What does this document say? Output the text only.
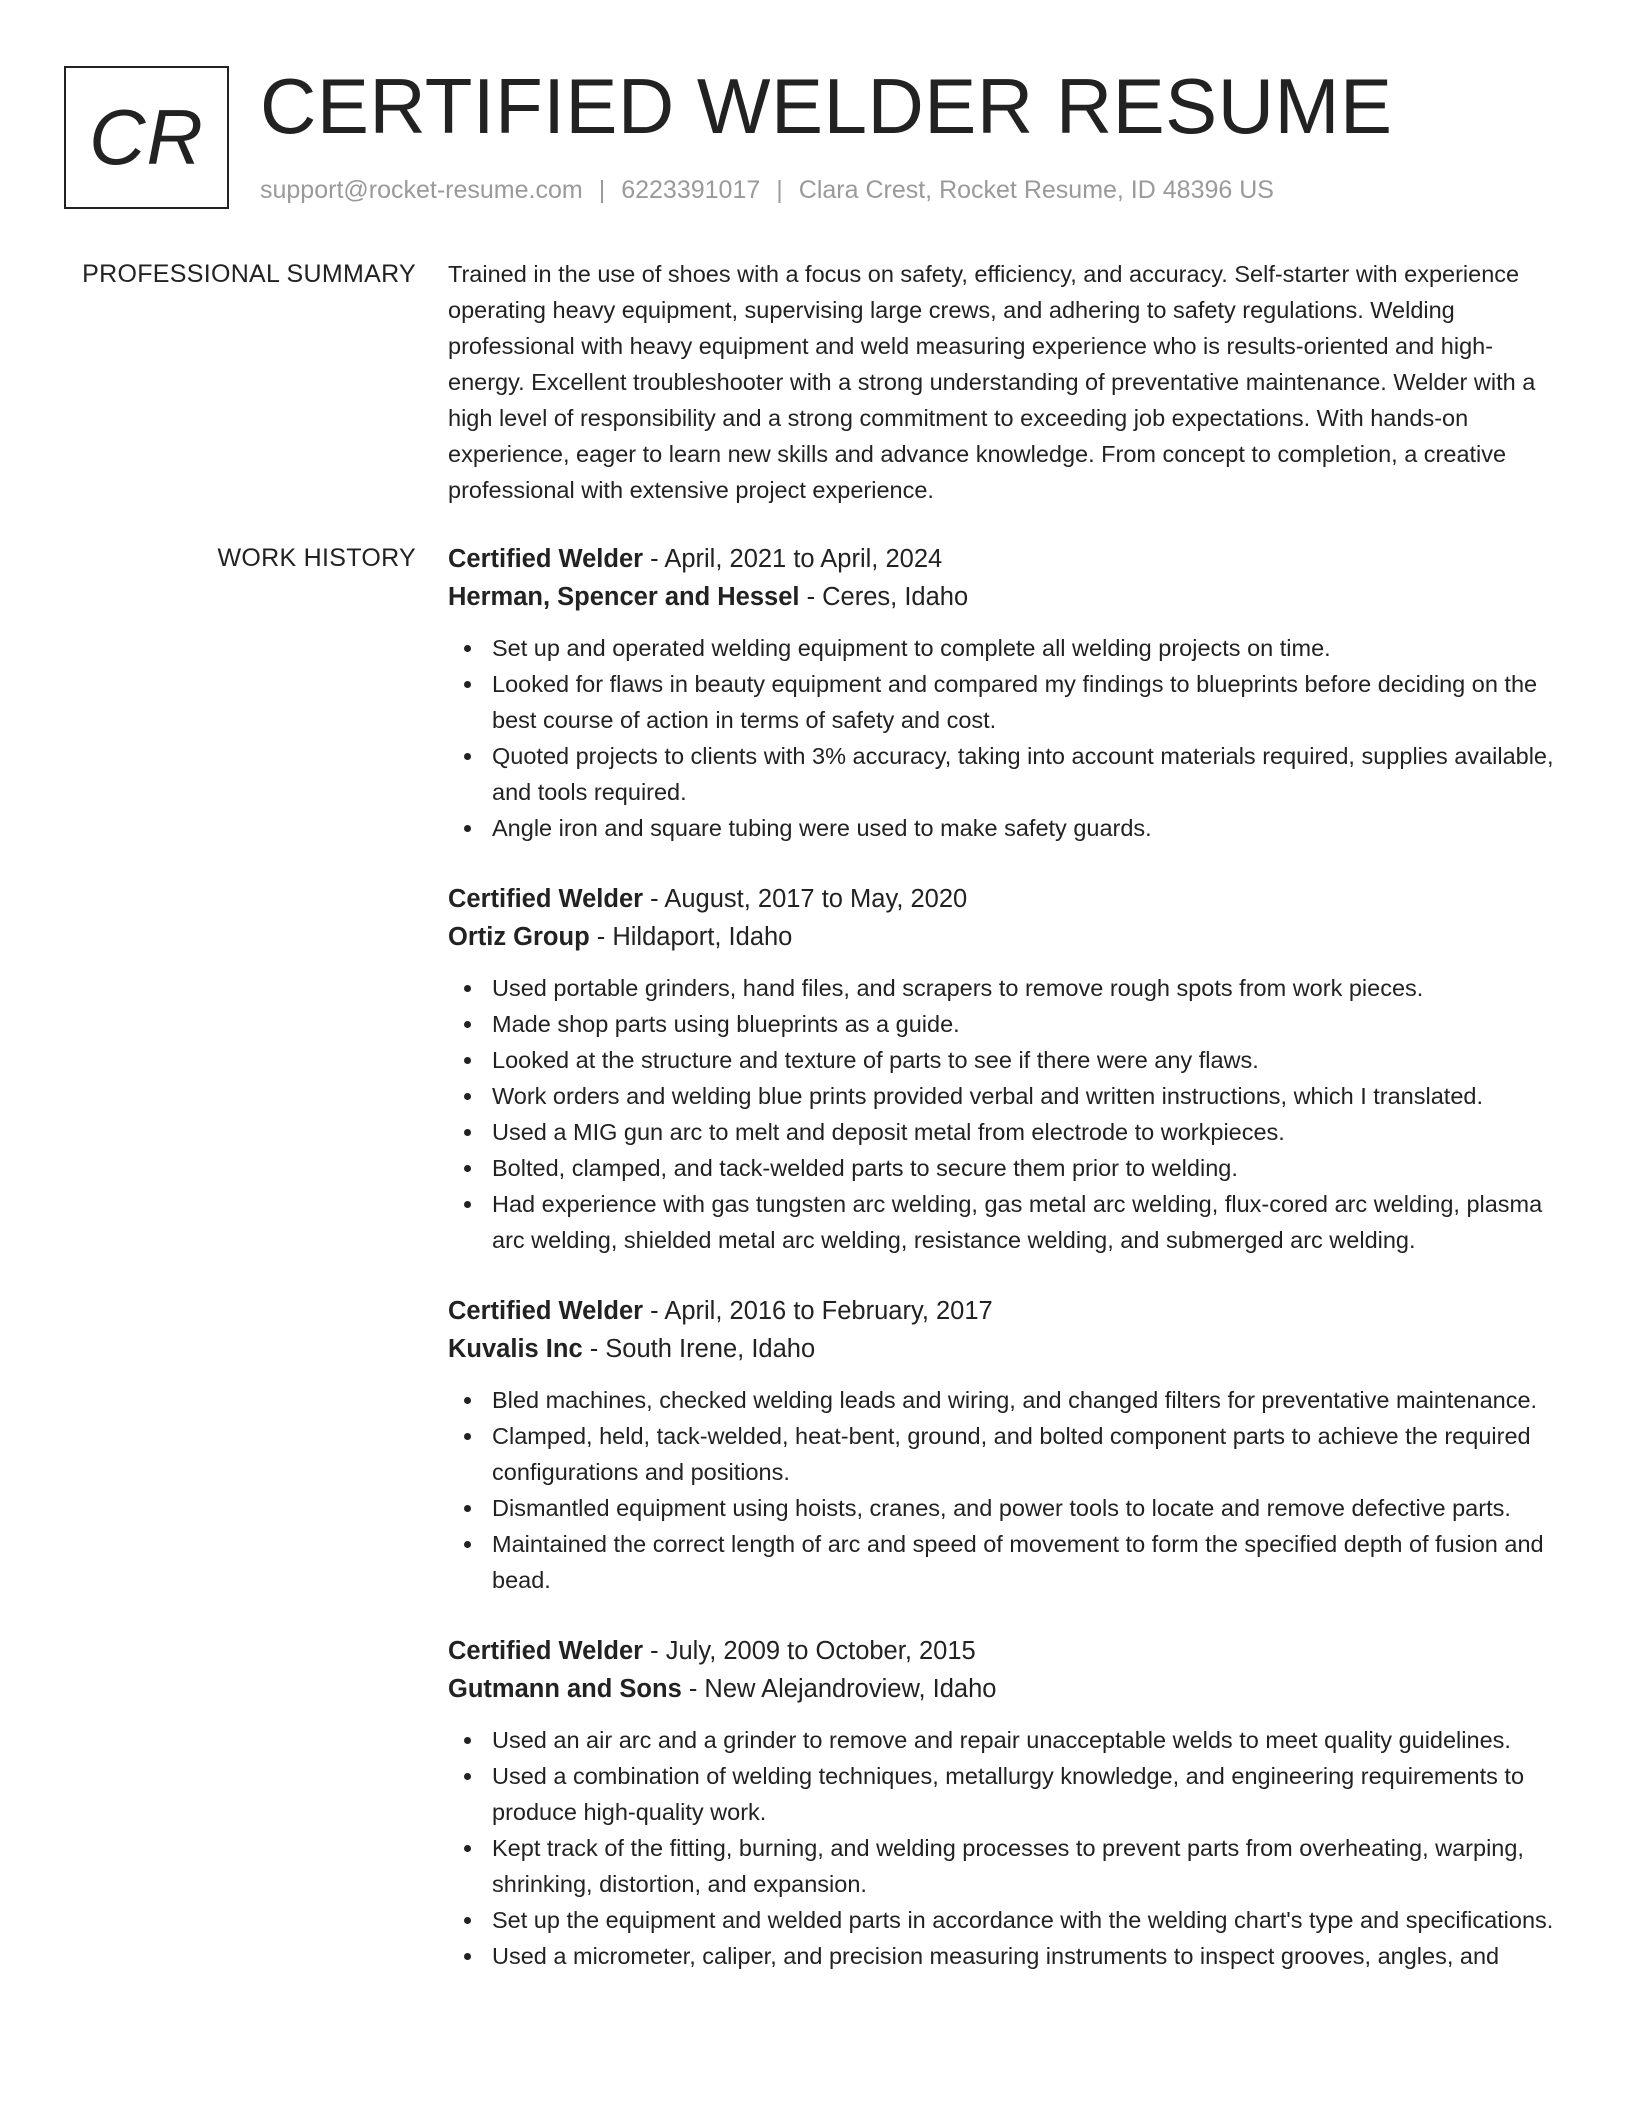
CR CERTIFIED WELDER RESUME
support@rocket-resume.com | 6223391017 | Clara Crest, Rocket Resume, ID 48396 US
PROFESSIONAL SUMMARY Trained in the use of shoes with a focus on safety, efficiency, and accuracy. Self-starter with experience operating heavy equipment, supervising large crews, and adhering to safety regulations. Welding professional with heavy equipment and weld measuring experience who is results-oriented and high-energy. Excellent troubleshooter with a strong understanding of preventative maintenance. Welder with a high level of responsibility and a strong commitment to exceeding job expectations. With hands-on experience, eager to learn new skills and advance knowledge. From concept to completion, a creative professional with extensive project experience.
WORK HISTORY Certified Welder - April, 2021 to April, 2024
Herman, Spencer and Hessel - Ceres, Idaho
Set up and operated welding equipment to complete all welding projects on time.
Looked for flaws in beauty equipment and compared my findings to blueprints before deciding on the best course of action in terms of safety and cost.
Quoted projects to clients with 3% accuracy, taking into account materials required, supplies available, and tools required.
Angle iron and square tubing were used to make safety guards.
Certified Welder - August, 2017 to May, 2020
Ortiz Group - Hildaport, Idaho
Used portable grinders, hand files, and scrapers to remove rough spots from work pieces.
Made shop parts using blueprints as a guide.
Looked at the structure and texture of parts to see if there were any flaws.
Work orders and welding blue prints provided verbal and written instructions, which I translated.
Used a MIG gun arc to melt and deposit metal from electrode to workpieces.
Bolted, clamped, and tack-welded parts to secure them prior to welding.
Had experience with gas tungsten arc welding, gas metal arc welding, flux-cored arc welding, plasma arc welding, shielded metal arc welding, resistance welding, and submerged arc welding.
Certified Welder - April, 2016 to February, 2017
Kuvalis Inc - South Irene, Idaho
Bled machines, checked welding leads and wiring, and changed filters for preventative maintenance.
Clamped, held, tack-welded, heat-bent, ground, and bolted component parts to achieve the required configurations and positions.
Dismantled equipment using hoists, cranes, and power tools to locate and remove defective parts.
Maintained the correct length of arc and speed of movement to form the specified depth of fusion and bead.
Certified Welder - July, 2009 to October, 2015
Gutmann and Sons - New Alejandroview, Idaho
Used an air arc and a grinder to remove and repair unacceptable welds to meet quality guidelines.
Used a combination of welding techniques, metallurgy knowledge, and engineering requirements to produce high-quality work.
Kept track of the fitting, burning, and welding processes to prevent parts from overheating, warping, shrinking, distortion, and expansion.
Set up the equipment and welded parts in accordance with the welding chart's type and specifications.
Used a micrometer, caliper, and precision measuring instruments to inspect grooves, angles, and
